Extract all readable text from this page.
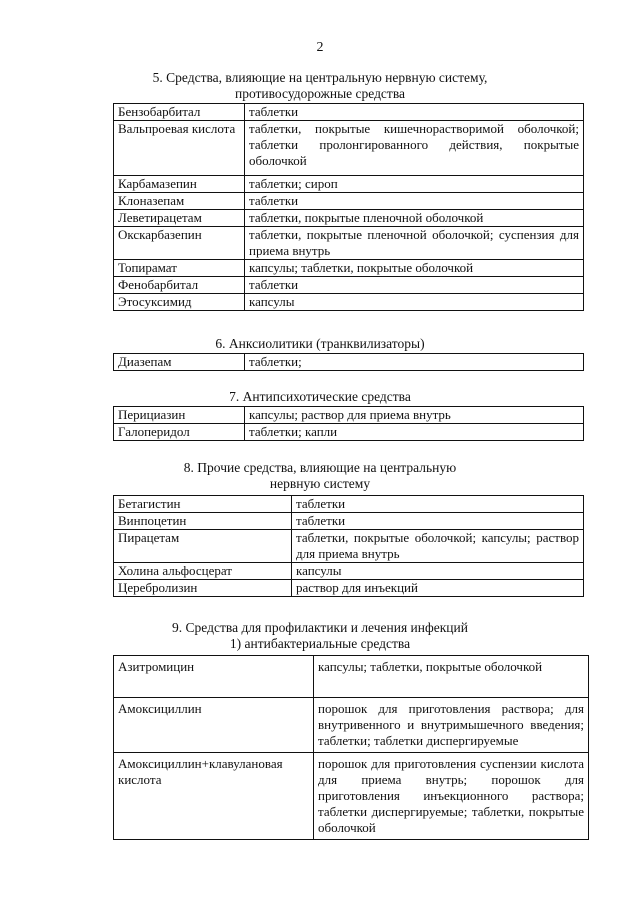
2
5. Средства, влияющие на центральную нервную систему,
противосудорожные средства
Бензобарбитал	таблетки
Вальпроевая кислота	таблетки, покрытые кишечнорастворимой оболочкой; таблетки пролонгированного действия, покрытые оболочкой
Карбамазепин	таблетки; сироп
Клоназепам	таблетки
Леветирацетам	таблетки, покрытые пленочной оболочкой
Окскарбазепин	таблетки, покрытые пленочной оболочкой; суспензия для приема внутрь
Топирамат	капсулы; таблетки, покрытые оболочкой
Фенобарбитал	таблетки
Этосуксимид	капсулы
6. Анксиолитики (транквилизаторы)
Диазепам	таблетки;
7. Антипсихотические средства
Перициазин	капсулы; раствор для приема внутрь
Галоперидол	таблетки; капли
8. Прочие средства, влияющие на центральную
нервную систему
Бетагистин	таблетки
Винпоцетин	таблетки
Пирацетам	таблетки, покрытые оболочкой; капсулы; раствор для приема внутрь
Холина альфосцерат	капсулы
Церебролизин	раствор для инъекций
9. Средства для профилактики и лечения инфекций
1) антибактериальные средства
Азитромицин	капсулы; таблетки, покрытые оболочкой
Амоксициллин	порошок для приготовления раствора; для внутривенного и внутримышечного введения; таблетки; таблетки диспергируемые
Амоксициллин+клавулановая кислота	порошок для приготовления суспензии кислота для приема внутрь; порошок для приготовления инъекционного раствора; таблетки диспергируемые; таблетки, покрытые оболочкой
